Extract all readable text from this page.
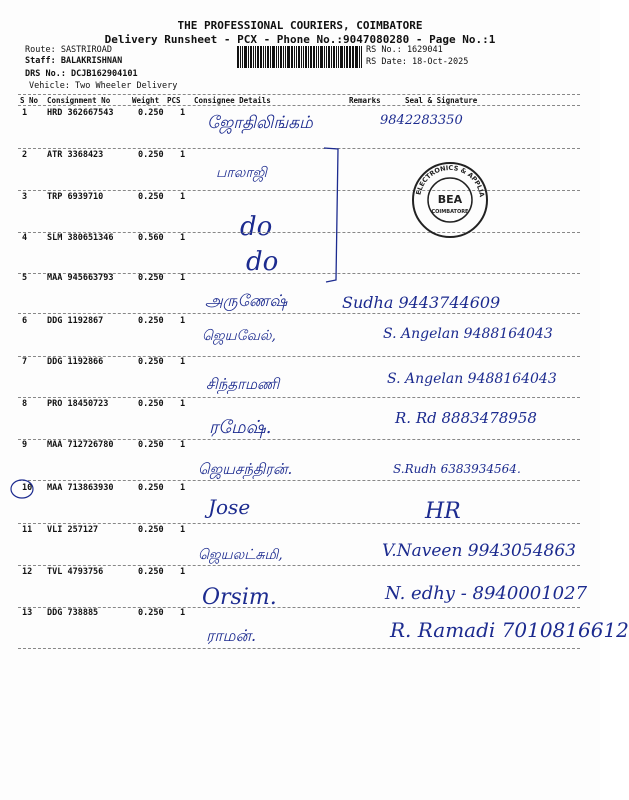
THE PROFESSIONAL COURIERS, COIMBATORE
Delivery Runsheet - PCX - Phone No.:9047080280 - Page No.:1
Route: SASTRIROAD
Staff: BALAKRISHNAN
DRS No.: DCJB162904101
Vehicle: Two Wheeler Delivery
RS No.: 1629041
RS Date: 18-Oct-2025
S No Consignment No	Weight PCS Consignee Details	Remarks	Seal & Signature
1 HRD 362667543	0.250 1 ஜோதிலிங்கம்	9842283350
2 ATR 3368423	0.250 1
பாலாஜி
3 TRP 6939710	0.250 1
do
4 SLM 380651346	0.560 1
do
5 MAA 945663793	0.250 1
அருணேஷ்	Sudha 9443744609
6 DDG 1192867	0.250 1
ஜெயவேல்,	S. Angelan 9488164043
7 DDG 1192866	0.250 1
சிந்தாமணி	S. Angelan 9488164043
8 PRO 18450723	0.250 1
ரமேஷ்.	R. Rd 8883478958
9 MAA 712726780	0.250 1
ஜெயசந்திரன்.	S.Rudh 6383934564.
10 MAA 713863930	0.250 1
Jose	HR
11 VLI 257127	0.250 1
ஜெயலட்சுமி,	V.Naveen 9943054863
12 TVL 4793756	0.250 1
Orsim.	N. edhy - 8940001027
13 DDG 738885	0.250 1
ராமன்.	R. Ramadi 7010816612
ELECTRONICS & APPLIA
BEA
COIMBATORE
